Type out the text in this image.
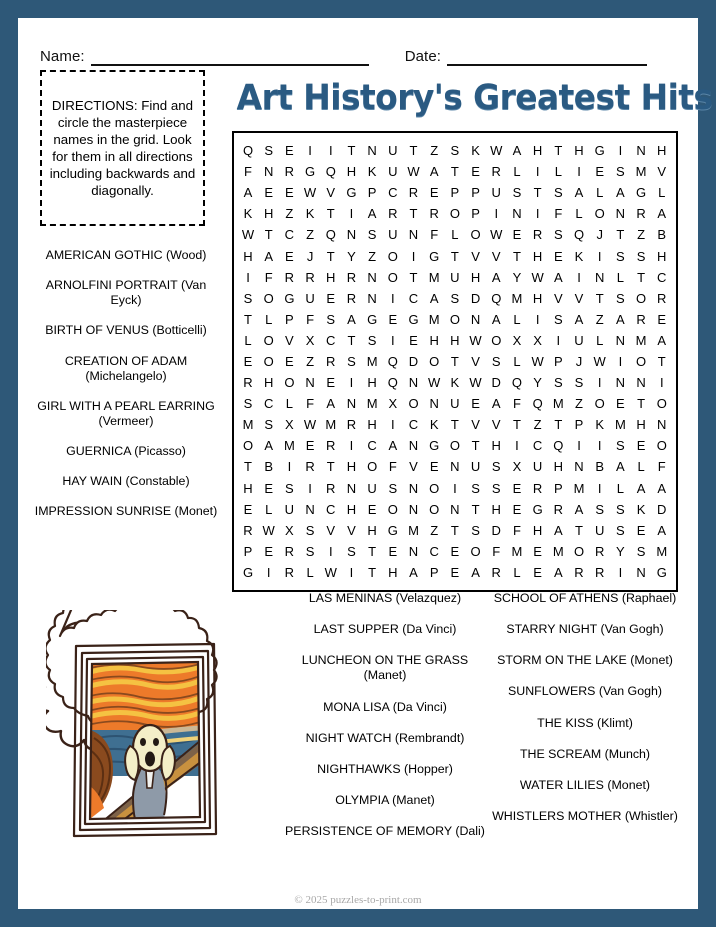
Name:	Date:
DIRECTIONS: Find and circle the masterpiece names in the grid. Look for them in all directions including backwards and diagonally.
Art History's Greatest Hits
Q S E	I	I	T N U T Z S K W A H T H G	I	N H
F N R G Q H K U W A T E R L	I	L	I	E S M V
A E E W V G P C R E P P U S T S A L A G L
K H Z K T	I	A R T R O P	I	N	I	F	L O N R A
W T C Z Q N S U N F	L O W E R S Q J	T Z B
H A E	J	T Y Z O	I	G T V V T H E K	I	S S H
I	F R R H R N O T M U H A Y W A	I	N L	T C
S O G U E R N	I	C A S D Q M H V V T S O R
T	L P F S A G E G M O N A L	I	S A Z A R E
L O V X C T S	I	E H H W O X X	I	U L N M A
E O E Z R S M Q D O T V S L W P	J W I	O T
R H O N E	I	H Q N W K W D Q Y S S	I	N N	I
S C L	F A N M X O N U E A F Q M Z O E T O
M S X W M R H	I	C K T V V T Z T P K M H N
O A M E R	I	C A N G O T H	I	C Q	I	I	S E O
T B	I	R T H O F V E N U S X U H N B A L	F
H E S	I	R N U S N O	I	S S E R P M	I	L A A
E L U N C H E O N O N T H E G R A S S K D
R W X S V V H G M Z T S D F H A T U S E A
P E R S	I	S T E N C E O F M E M O R Y S M
G	I	R L W I	T H A P E A R L E A R R	I	N G
AMERICAN GOTHIC (Wood)
ARNOLFINI PORTRAIT (Van Eyck)
BIRTH OF VENUS (Botticelli)
CREATION OF ADAM (Michelangelo)
GIRL WITH A PEARL EARRING (Vermeer)
GUERNICA (Picasso)
HAY WAIN (Constable)
IMPRESSION SUNRISE (Monet)
LAS MENINAS (Velazquez)
LAST SUPPER (Da Vinci)
LUNCHEON ON THE GRASS (Manet)
MONA LISA (Da Vinci)
NIGHT WATCH (Rembrandt)
NIGHTHAWKS (Hopper)
OLYMPIA (Manet)
PERSISTENCE OF MEMORY (Dali)
SCHOOL OF ATHENS (Raphael)
STARRY NIGHT (Van Gogh)
STORM ON THE LAKE (Monet)
SUNFLOWERS (Van Gogh)
THE KISS (Klimt)
THE SCREAM (Munch)
WATER LILIES (Monet)
WHISTLERS MOTHER (Whistler)
© 2025 puzzles-to-print.com
